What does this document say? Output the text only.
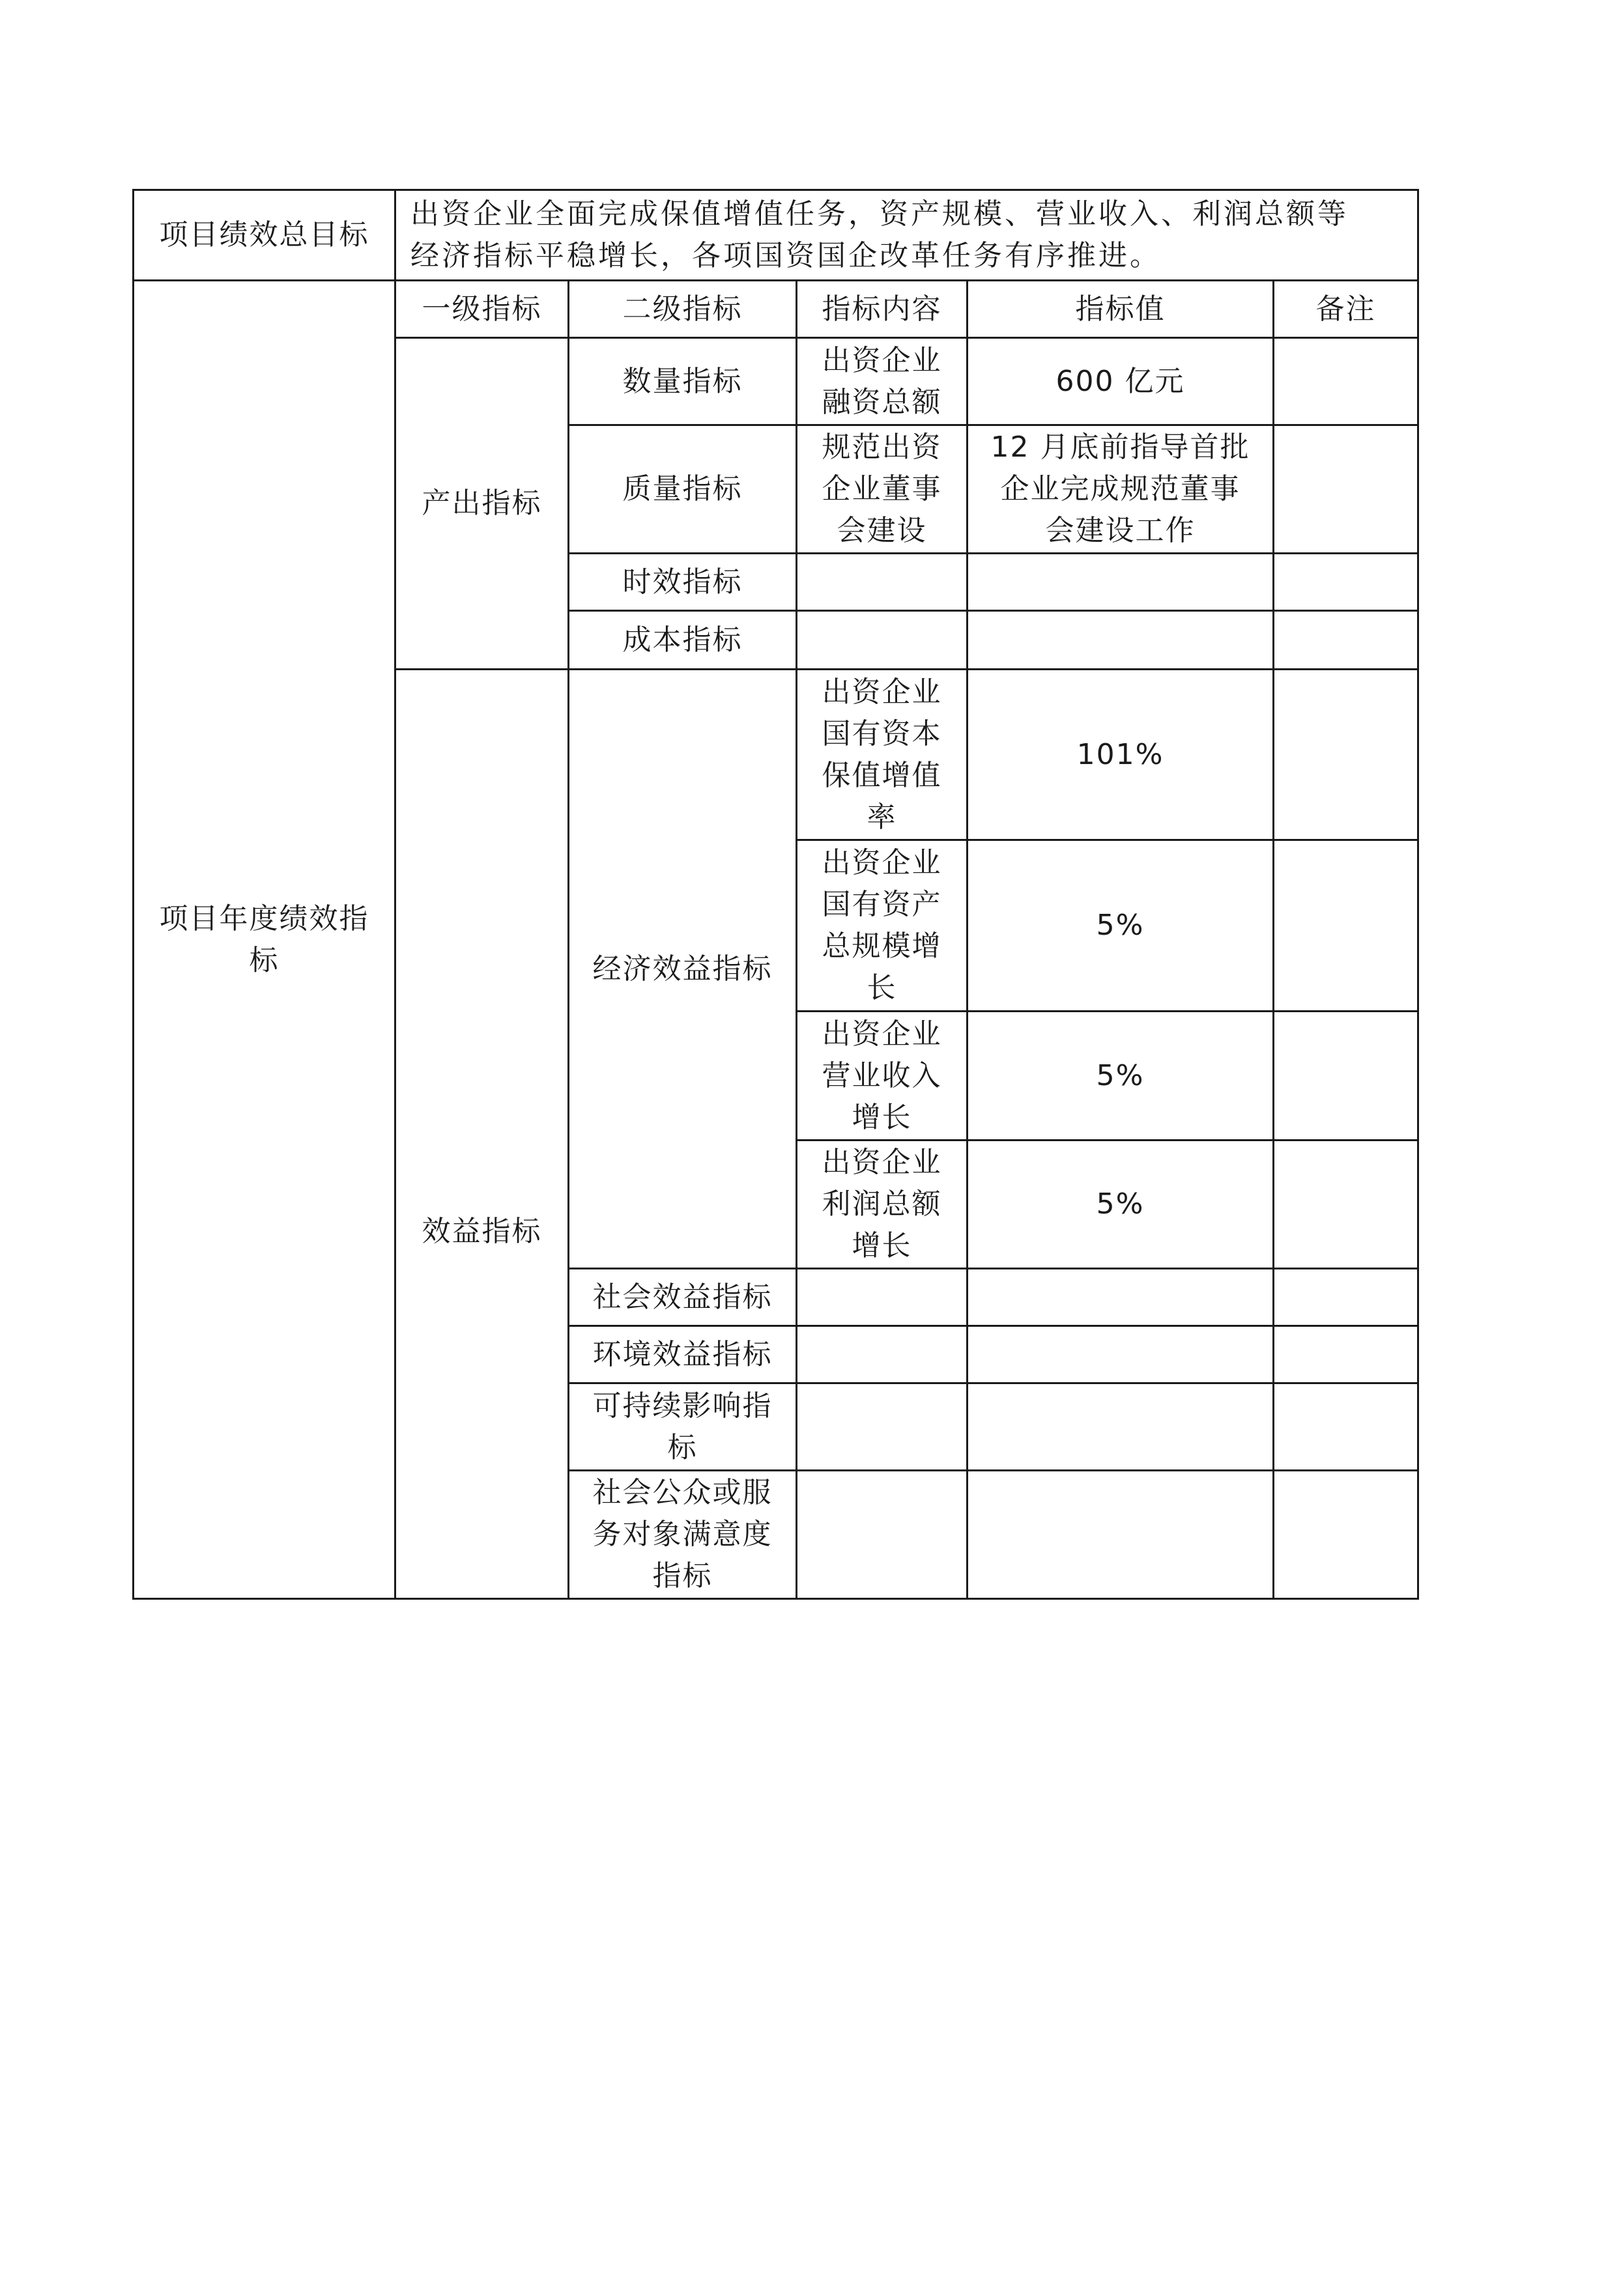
项目绩效总目标	出资企业全面完成保值增值任务，资产规模、营业收入、利润总额等
经济指标平稳增长，各项国资国企改革任务有序推进。				

项目年度绩效指
标	一级指标	二级指标	指标内容	指标值	备注
	产出指标	数量指标	出资企业
融资总额	600 亿元	
		质量指标	规范出资
企业董事
会建设	12 月底前指导首批
企业完成规范董事
会建设工作	

		时效指标			
		成本指标			
	效益指标	经济效益指标	出资企业
国有资本
保值增值
率	101%	

			出资企业
国有资产
总规模增
长	5%	

			出资企业
营业收入
增长	5%	

			出资企业
利润总额
增长	5%	
		社会效益指标			
		环境效益指标			

		可持续影响指
标			

		社会公众或服
务对象满意度
指标			
